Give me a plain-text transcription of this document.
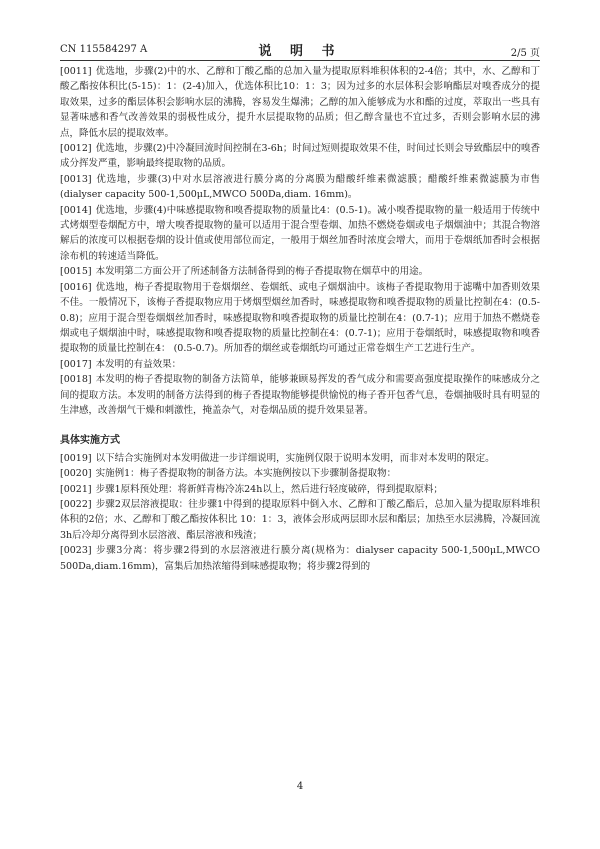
CN 115584297 A	说 明 书	2/5 页
[0011] 优选地，步骤(2)中的水、乙醇和丁酸乙酯的总加入量为提取原料堆积体积的2-4倍；其中，水、乙醇和丁酸乙酯按体积比(5-15)：1：(2-4)加入，优选体积比10：1：3；因为过多的水层体积会影响酯层对嗅香成分的提取效果，过多的酯层体积会影响水层的沸腾，容易发生爆沸；乙醇的加入能够成为水和酯的过度，萃取出一些具有显著味感和香气改善效果的弱极性成分，提升水层提取物的品质；但乙醇含量也不宜过多，否则会影响水层的沸点，降低水层的提取效率。
[0012] 优选地，步骤(2)中冷凝回流时间控制在3-6h；时间过短则提取效果不佳，时间过长则会导致酯层中的嗅香成分挥发严重，影响最终提取物的品质。
[0013] 优选地，步骤(3)中对水层溶液进行膜分离的分离膜为醋酸纤维素微滤膜；醋酸纤维素微滤膜为市售(dialyser capacity 500-1,500μL,MWCO 500Da,diam. 16mm)。
[0014] 优选地，步骤(4)中味感提取物和嗅香提取物的质量比4：(0.5-1)。减小嗅香提取物的量一般适用于传统中式烤烟型卷烟配方中，增大嗅香提取物的量可以适用于混合型卷烟、加热不燃烧卷烟或电子烟烟油中；其混合物溶解后的浓度可以根据卷烟的设计值或使用部位而定，一般用于烟丝加香时浓度会增大，而用于卷烟纸加香时会根据涂布机的转速适当降低。
[0015] 本发明第二方面公开了所述制备方法制备得到的梅子香提取物在烟草中的用途。
[0016] 优选地，梅子香提取物用于卷烟烟丝、卷烟纸、或电子烟烟油中。该梅子香提取物用于滤嘴中加香则效果不佳。一般情况下，该梅子香提取物应用于烤烟型烟丝加香时，味感提取物和嗅香提取物的质量比控制在4：(0.5-0.8)；应用于混合型卷烟烟丝加香时，味感提取物和嗅香提取物的质量比控制在4：(0.7-1)；应用于加热不燃烧卷烟或电子烟烟油中时，味感提取物和嗅香提取物的质量比控制在4：(0.7-1)；应用于卷烟纸时，味感提取物和嗅香提取物的质量比控制在4： (0.5-0.7)。所加香的烟丝或卷烟纸均可通过正常卷烟生产工艺进行生产。
[0017] 本发明的有益效果：
[0018] 本发明的梅子香提取物的制备方法简单，能够兼顾易挥发的香气成分和需要高强度提取操作的味感成分之间的提取方法。本发明的制备方法得到的梅子香提取物能够提供愉悦的梅子香开包香气息，卷烟抽吸时具有明显的生津感，改善烟气干燥和刺激性，掩盖杂气，对卷烟品质的提升效果显著。
具体实施方式
[0019] 以下结合实施例对本发明做进一步详细说明，实施例仅限于说明本发明，而非对本发明的限定。
[0020] 实施例1：梅子香提取物的制备方法。本实施例按以下步骤制备提取物：
[0021] 步骤1原料预处理：将新鲜青梅冷冻24h以上，然后进行轻度破碎，得到提取原料；
[0022] 步骤2双层溶液提取：往步骤1中得到的提取原料中倒入水、乙醇和丁酸乙酯后，总加入量为提取原料堆积体积的2倍；水、乙醇和丁酸乙酯按体积比 10：1：3，液体会形成两层即水层和酯层；加热至水层沸腾，冷凝回流3h后冷却分离得到水层溶液、酯层溶液和残渣；
[0023] 步骤3分离：将步骤2得到的水层溶液进行膜分离(规格为：dialyser capacity 500-1,500μL,MWCO 500Da,diam.16mm)，富集后加热浓缩得到味感提取物；将步骤2得到的
4
